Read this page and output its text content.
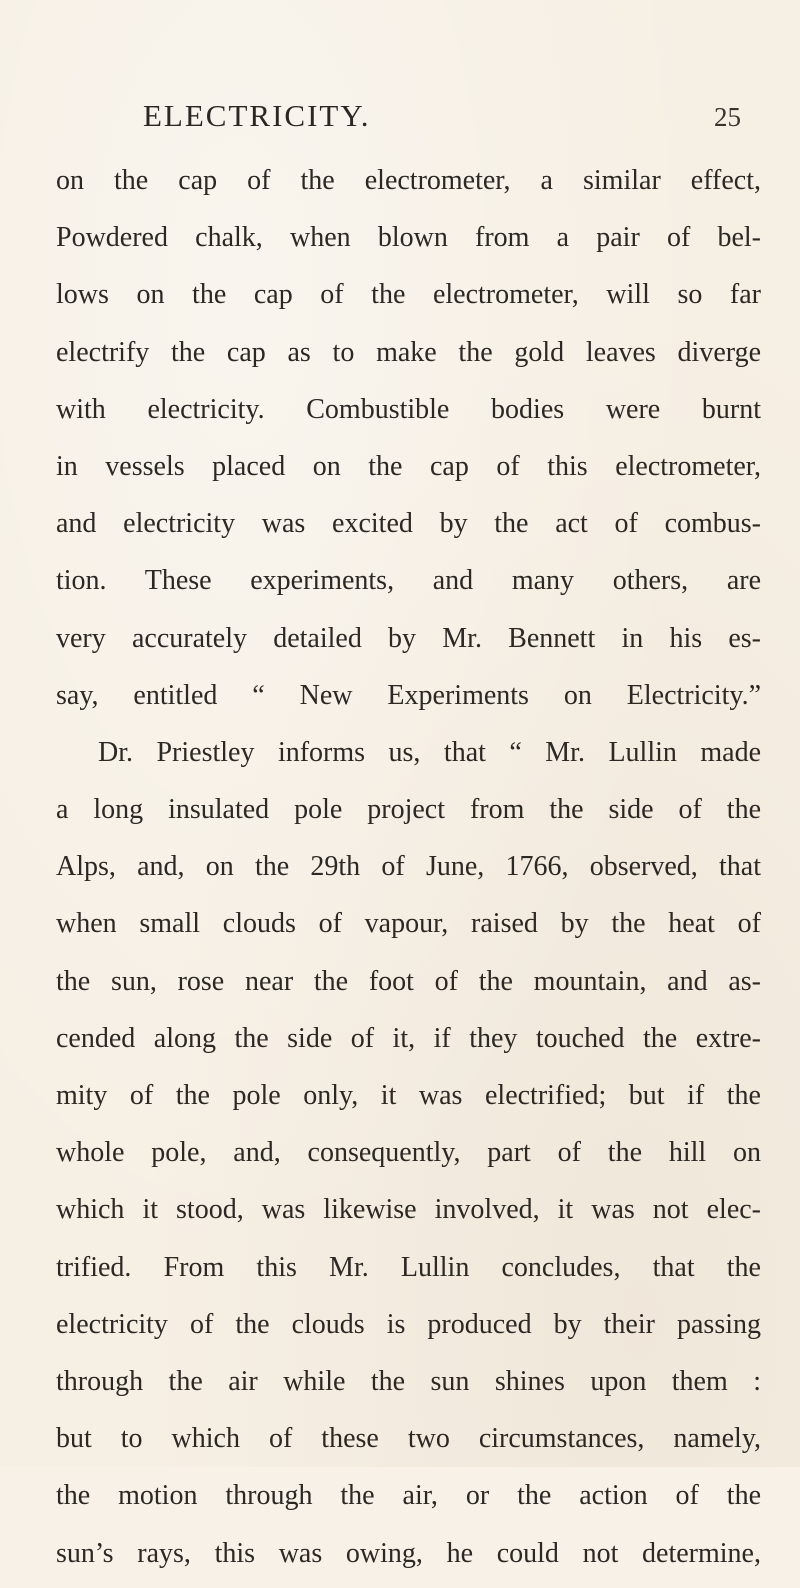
ELECTRICITY.	25
on the cap of the electrometer, a similar effect,
Powdered chalk, when blown from a pair of bel-
lows on the cap of the electrometer, will so far
electrify the cap as to make the gold leaves diverge
with electricity. Combustible bodies were burnt
in vessels placed on the cap of this electrometer,
and electricity was excited by the act of combus-
tion. These experiments, and many others, are
very accurately detailed by Mr. Bennett in his es-
say, entitled “ New Experiments on Electricity.”
Dr. Priestley informs us, that “ Mr. Lullin made
a long insulated pole project from the side of the
Alps, and, on the 29th of June, 1766, observed, that
when small clouds of vapour, raised by the heat of
the sun, rose near the foot of the mountain, and as-
cended along the side of it, if they touched the extre-
mity of the pole only, it was electrified; but if the
whole pole, and, consequently, part of the hill on
which it stood, was likewise involved, it was not elec-
trified. From this Mr. Lullin concludes, that the
electricity of the clouds is produced by their passing
through the air while the sun shines upon them :
but to which of these two circumstances, namely,
the motion through the air, or the action of the
sun’s rays, this was owing, he could not determine,
